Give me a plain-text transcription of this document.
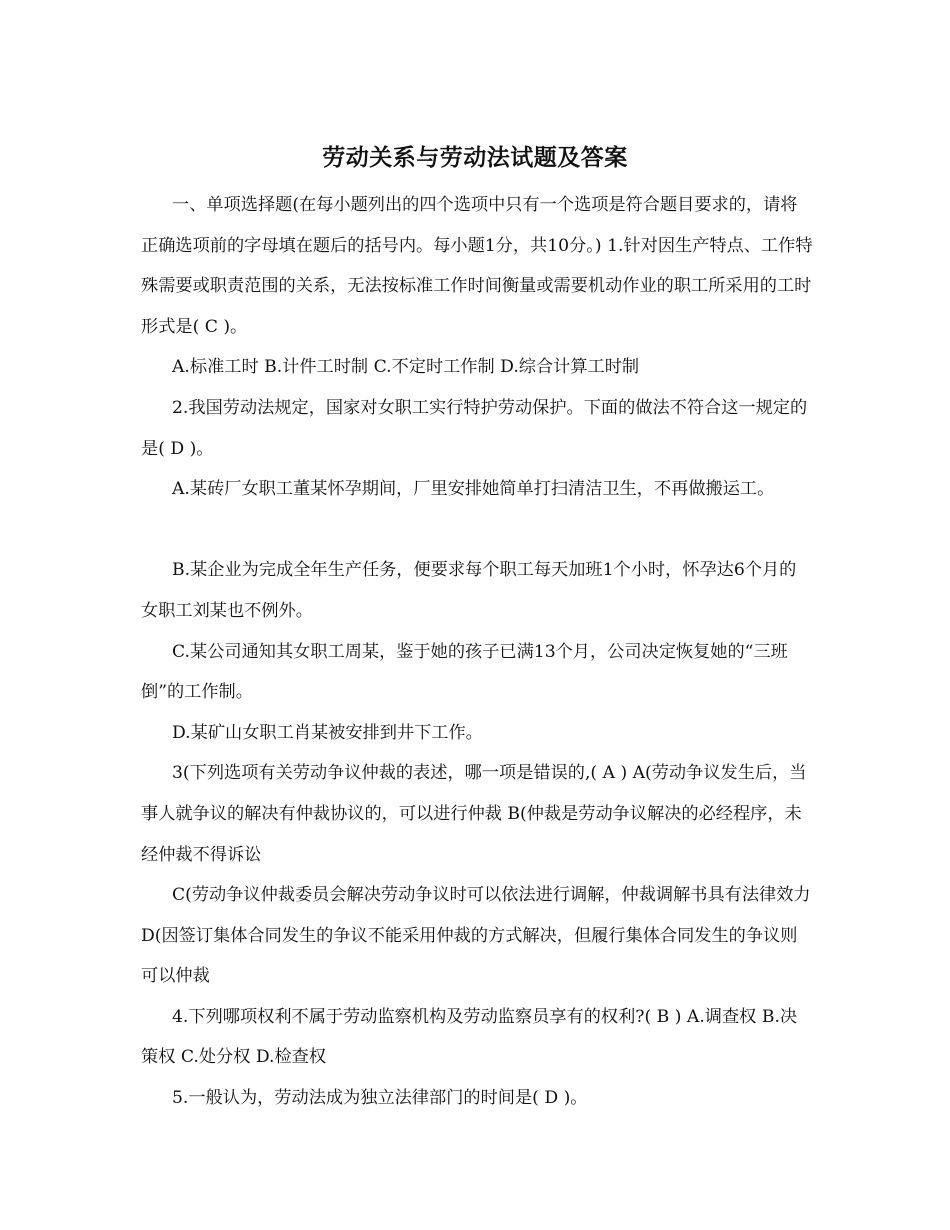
劳动关系与劳动法试题及答案

一、单项选择题(在每小题列出的四个选项中只有一个选项是符合题目要求的，请将正确选项前的字母填在题后的括号内。每小题1分，共10分。) 1.针对因生产特点、工作特殊需要或职责范围的关系，无法按标准工作时间衡量或需要机动作业的职工所采用的工时形式是( C )。

A.标准工时 B.计件工时制 C.不定时工作制 D.综合计算工时制

2.我国劳动法规定，国家对女职工实行特护劳动保护。下面的做法不符合这一规定的是( D )。

A.某砖厂女职工董某怀孕期间，厂里安排她简单打扫清洁卫生，不再做搬运工。

B.某企业为完成全年生产任务，便要求每个职工每天加班1个小时，怀孕达6个月的女职工刘某也不例外。

C.某公司通知其女职工周某，鉴于她的孩子已满13个月，公司决定恢复她的“三班倒”的工作制。

D.某矿山女职工肖某被安排到井下工作。

3(下列选项有关劳动争议仲裁的表述，哪一项是错误的,( A ) A(劳动争议发生后，当事人就争议的解决有仲裁协议的，可以进行仲裁 B(仲裁是劳动争议解决的必经程序，未经仲裁不得诉讼

C(劳动争议仲裁委员会解决劳动争议时可以依法进行调解，仲裁调解书具有法律效力 D(因签订集体合同发生的争议不能采用仲裁的方式解决，但履行集体合同发生的争议则可以仲裁

4.下列哪项权利不属于劳动监察机构及劳动监察员享有的权利?( B ) A.调查权 B.决策权 C.处分权 D.检查权

5.一般认为，劳动法成为独立法律部门的时间是( D )。
